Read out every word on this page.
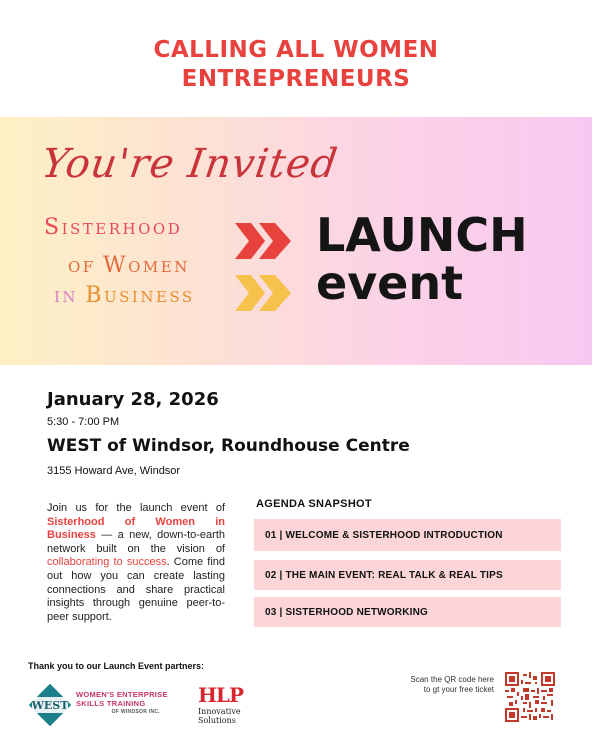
CALLING ALL WOMEN
ENTREPRENEURS
You're Invited
SISTERHOOD
OF WOMEN
IN BUSINESS
LAUNCH
event
January 28, 2026
5:30 - 7:00 PM
WEST of Windsor, Roundhouse Centre
3155 Howard Ave, Windsor
Join us for the launch event of Sisterhood of Women in Business — a new, down-to-earth network built on the vision of collaborating to success. Come find out how you can create lasting connections and share practical insights through genuine peer-to-peer support.
AGENDA SNAPSHOT
01 | WELCOME & SISTERHOOD INTRODUCTION
02 | THE MAIN EVENT: REAL TALK & REAL TIPS
03 | SISTERHOOD NETWORKING
Thank you to our Launch Event partners:
WEST
WOMEN'S ENTERPRISE
SKILLS TRAINING
OF WINDSOR INC.
HLP
Innovative
Solutions
Scan the QR code here
to gt your free ticket
